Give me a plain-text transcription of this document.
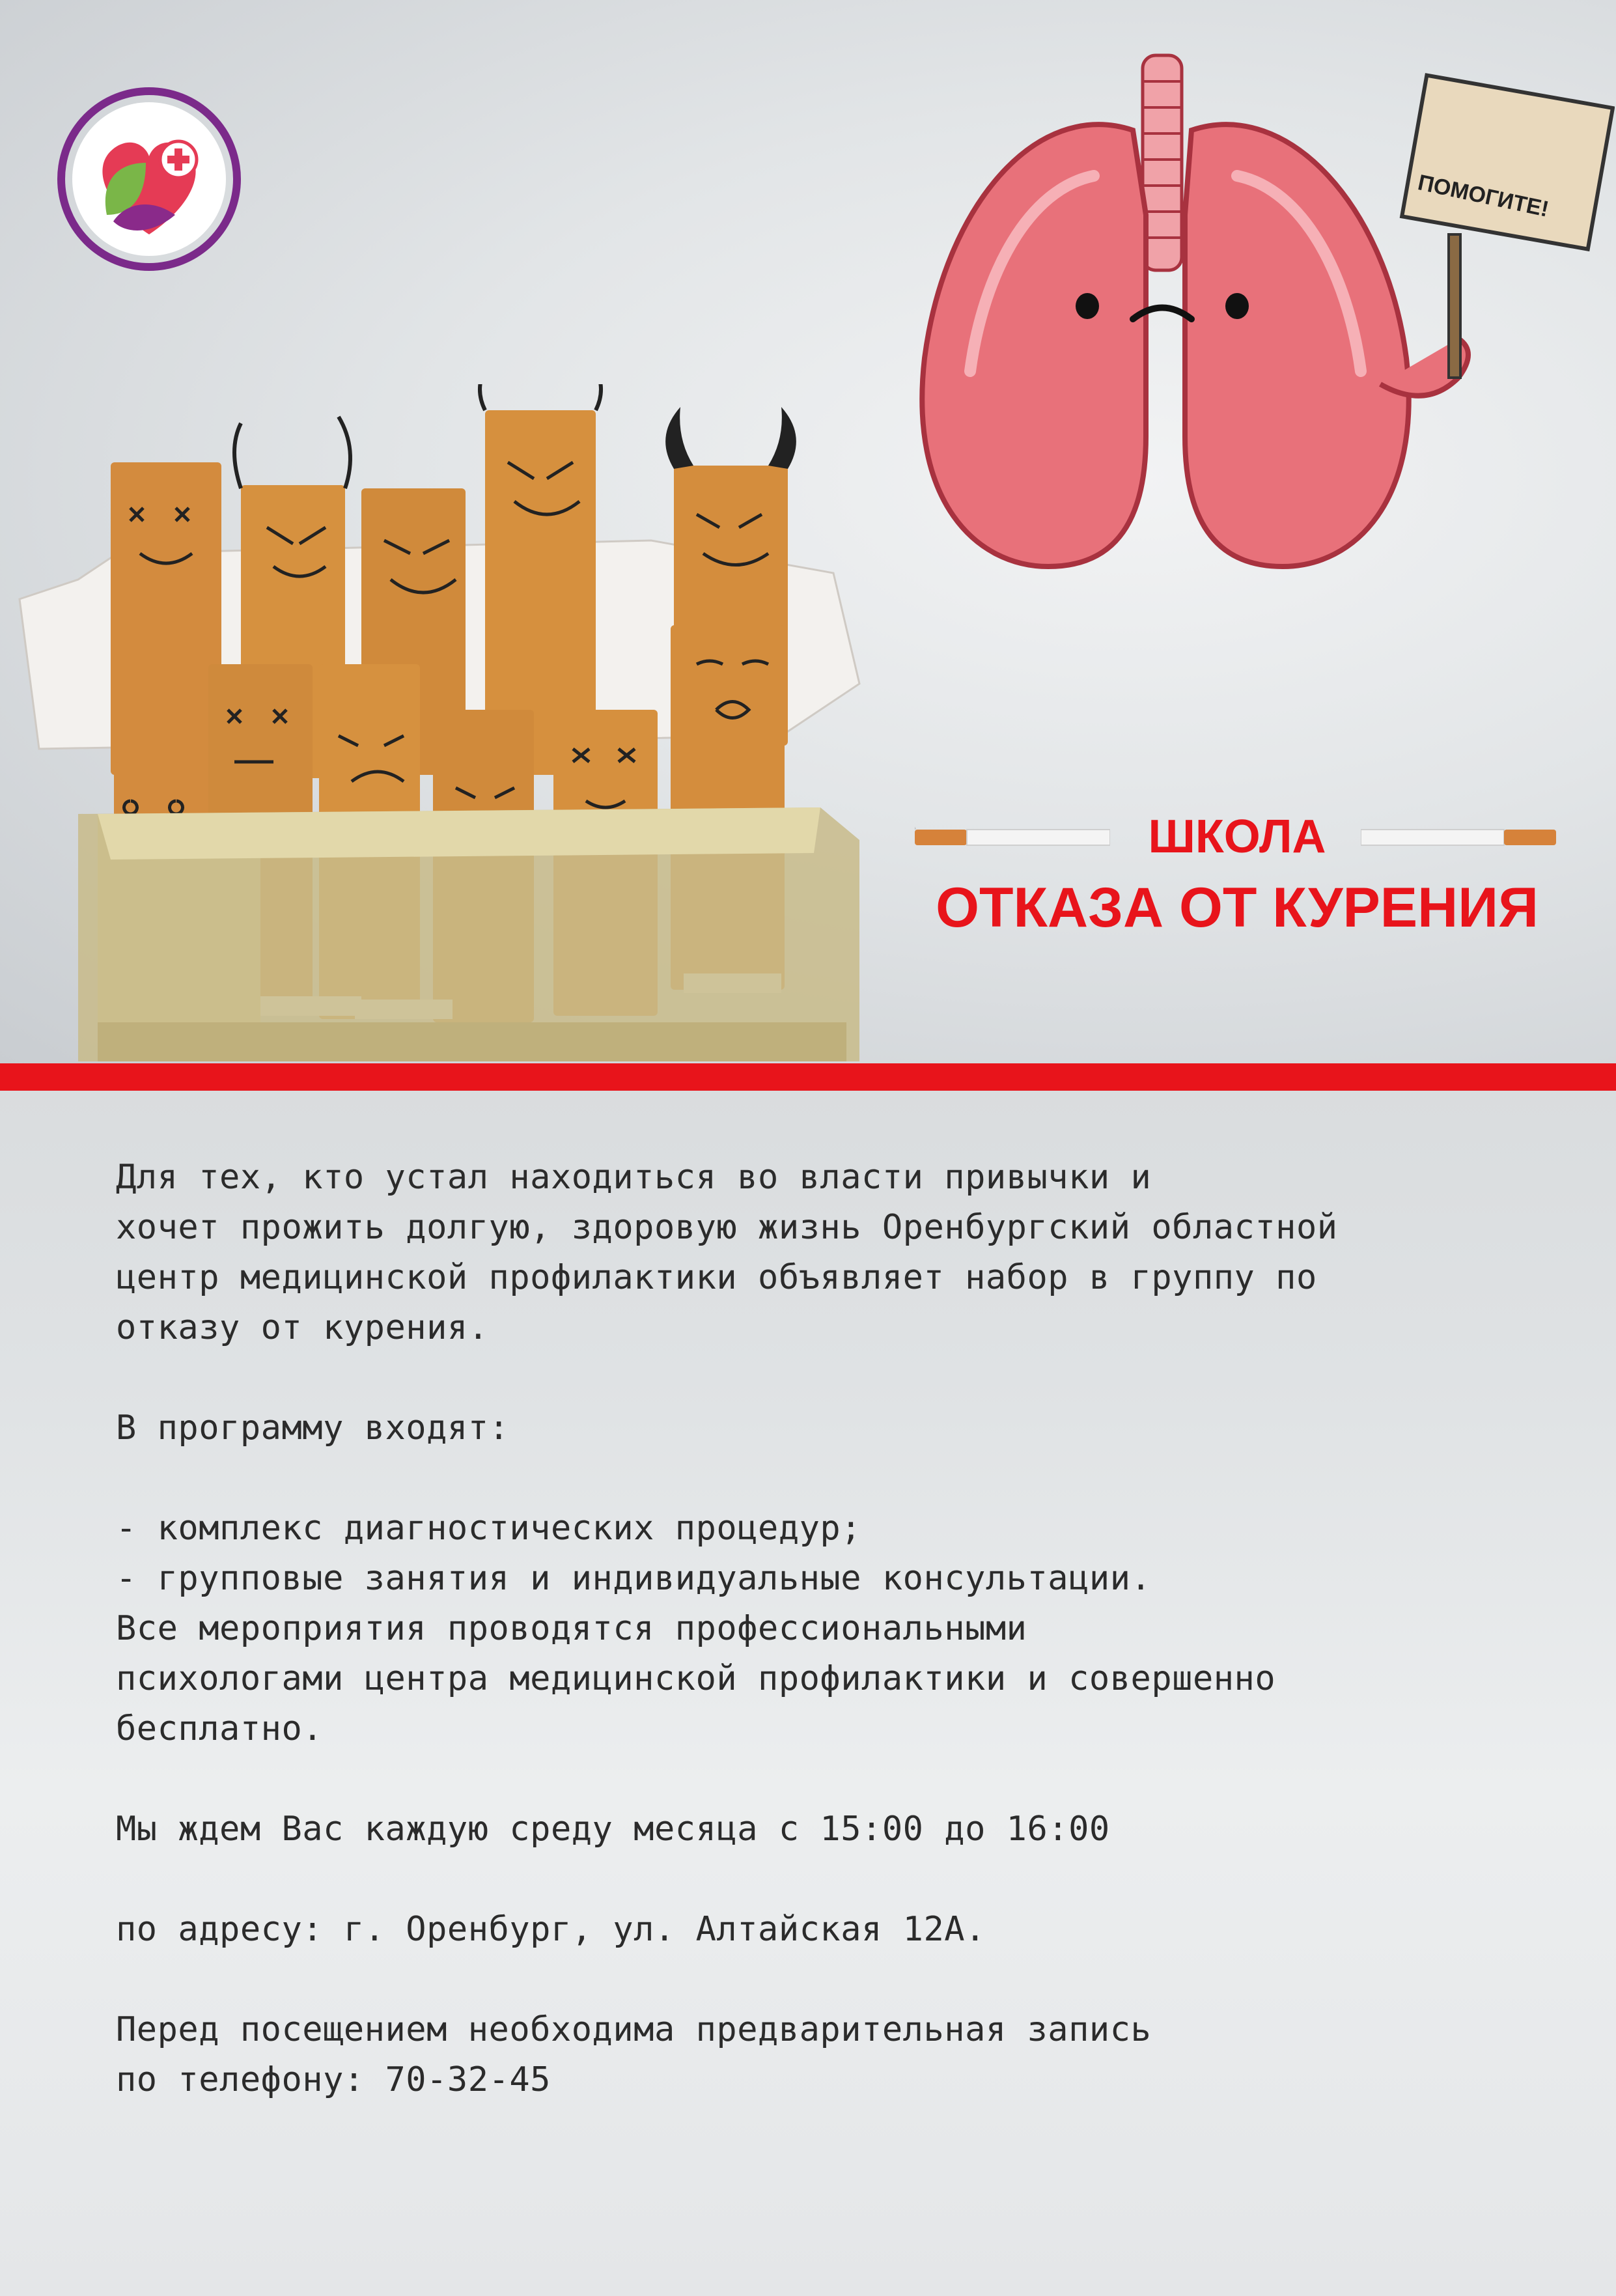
ПОМОГИТЕ!
ШКОЛА
ОТКАЗА ОТ КУРЕНИЯ

Для тех, кто устал находиться во власти привычки и

хочет прожить долгую, здоровую жизнь Оренбургский областной

центр медицинской профилактики объявляет набор в группу по

отказу от курения.

В программу входят:

- комплекс диагностических процедур;

- групповые занятия и индивидуальные консультации.

Все мероприятия проводятся профессиональными

психологами центра медицинской профилактики и совершенно

бесплатно.

Мы ждем Вас каждую среду месяца с 15:00 до 16:00

по адресу: г. Оренбург, ул. Алтайская 12А.

Перед посещением необходима предварительная запись

по телефону: 70-32-45
